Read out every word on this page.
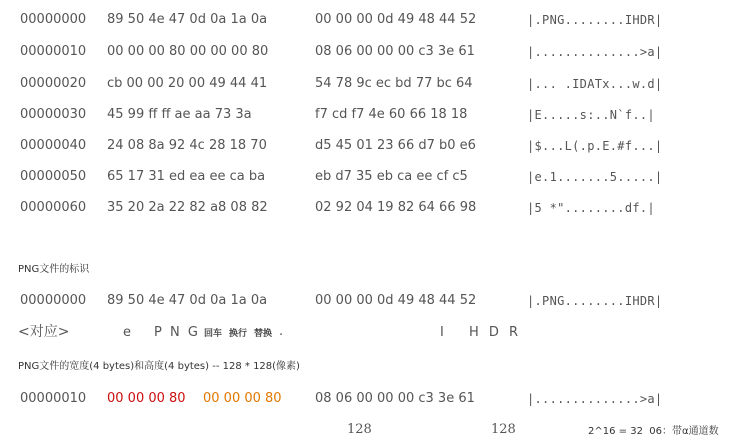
00000000 89 50 4e 47 0d 0a 1a 0a	00 00 00 0d 49 48 44 52	|.PNG........IHDR|
00000010 00 00 00 80 00 00 00 80	08 06 00 00 00 c3 3e 61	|..............>a|
00000020 cb 00 00 20 00 49 44 41	54 78 9c ec bd 77 bc 64	|... .IDATx...w.d|
00000030 45 99 ff ff ae aa 73 3a	f7 cd f7 4e 60 66 18 18	|E.....s:..N`f..|
00000040 24 08 8a 92 4c 28 18 70	d5 45 01 23 66 d7 b0 e6	|$...L(.p.E.#f...|
00000050 65 17 31 ed ea ee ca ba	eb d7 35 eb ca ee cf c5	|e.1.......5.....|
00000060 35 20 2a 22 82 a8 08 82	02 92 04 19 82 64 66 98	|5 *"........df.|
PNG文件的标识
00000000 89 50 4e 47 0d 0a 1a 0a	00 00 00 0d 49 48 44 52	|.PNG........IHDR|
<对应>	e P N G 回车 换行 替换 .	I H D R
PNG文件的宽度(4 bytes)和高度(4 bytes) -- 128 * 128(像素)
00000010 00 00 00 80 00 00 00 80	08 06 00 00 00 c3 3e 61	|..............>a|
128	128	2^16 = 32  06：带α通道数
